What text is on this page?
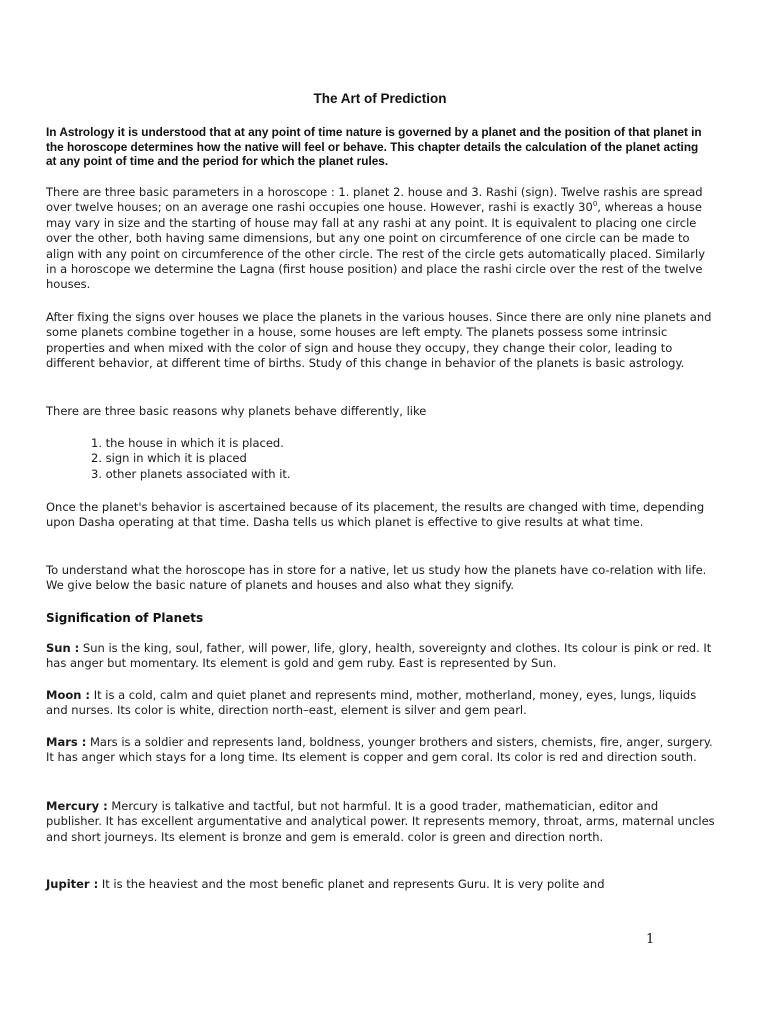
The Art of Prediction
In Astrology it is understood that at any point of time nature is governed by a planet and the position of that planet in the horoscope determines how the native will feel or behave. This chapter details the calculation of the planet acting at any point of time and the period for which the planet rules.

There are three basic parameters in a horoscope : 1. planet 2. house and 3. Rashi (sign). Twelve rashis are spread over twelve houses; on an average one rashi occupies one house. However, rashi is exactly $30^0$, whereas a house may vary in size and the starting of house may fall at any rashi at any point. It is equivalent to placing one circle over the other, both having same dimensions, but any one point on circumference of one circle can be made to align with any point on circumference of the other circle. The rest of the circle gets automatically placed. Similarly in a horoscope we determine the Lagna (first house position) and place the rashi circle over the rest of the twelve houses.

After fixing the signs over houses we place the planets in the various houses. Since there are only nine planets and some planets combine together in a house, some houses are left empty. The planets possess some intrinsic properties and when mixed with the color of sign and house they occupy, they change their color, leading to different behavior, at different time of births. Study of this change in behavior of the planets is basic astrology.

There are three basic reasons why planets behave differently, like

1. the house in which it is placed.
2. sign in which it is placed
3. other planets associated with it.

Once the planet's behavior is ascertained because of its placement, the results are changed with time, depending upon Dasha operating at that time. Dasha tells us which planet is effective to give results at what time.

To understand what the horoscope has in store for a native, let us study how the planets have co-relation with life. We give below the basic nature of planets and houses and also what they signify.

Signification of Planets

Sun : Sun is the king, soul, father, will power, life, glory, health, sovereignty and clothes. Its colour is pink or red. It has anger but momentary. Its element is gold and gem ruby. East is represented by Sun.

Moon : It is a cold, calm and quiet planet and represents mind, mother, motherland, money, eyes, lungs, liquids and nurses. Its color is white, direction north–east, element is silver and gem pearl.

Mars : Mars is a soldier and represents land, boldness, younger brothers and sisters, chemists, fire, anger, surgery. It has anger which stays for a long time. Its element is copper and gem coral. Its color is red and direction south.

Mercury : Mercury is talkative and tactful, but not harmful. It is a good trader, mathematician, editor and publisher. It has excellent argumentative and analytical power. It represents memory, throat, arms, maternal uncles and short journeys. Its element is bronze and gem is emerald. color is green and direction north.

Jupiter : It is the heaviest and the most benefic planet and represents Guru. It is very polite and

1
